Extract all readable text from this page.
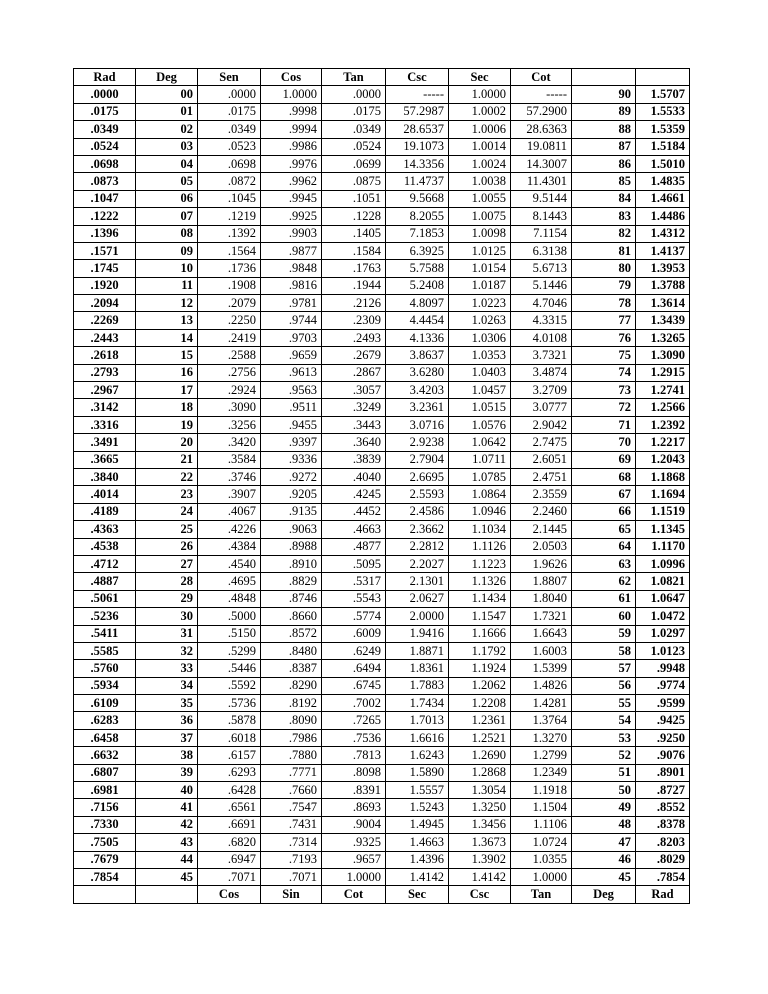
Rad	Deg	Sen	Cos	Tan	Csc	Sec	Cot		
.0000	00	.0000	1.0000	.0000	-----	1.0000	-----	90	1.5707
.0175	01	.0175	.9998	.0175	57.2987	1.0002	57.2900	89	1.5533
.0349	02	.0349	.9994	.0349	28.6537	1.0006	28.6363	88	1.5359
.0524	03	.0523	.9986	.0524	19.1073	1.0014	19.0811	87	1.5184
.0698	04	.0698	.9976	.0699	14.3356	1.0024	14.3007	86	1.5010
.0873	05	.0872	.9962	.0875	11.4737	1.0038	11.4301	85	1.4835
.1047	06	.1045	.9945	.1051	9.5668	1.0055	9.5144	84	1.4661
.1222	07	.1219	.9925	.1228	8.2055	1.0075	8.1443	83	1.4486
.1396	08	.1392	.9903	.1405	7.1853	1.0098	7.1154	82	1.4312
.1571	09	.1564	.9877	.1584	6.3925	1.0125	6.3138	81	1.4137
.1745	10	.1736	.9848	.1763	5.7588	1.0154	5.6713	80	1.3953
.1920	11	.1908	.9816	.1944	5.2408	1.0187	5.1446	79	1.3788
.2094	12	.2079	.9781	.2126	4.8097	1.0223	4.7046	78	1.3614
.2269	13	.2250	.9744	.2309	4.4454	1.0263	4.3315	77	1.3439
.2443	14	.2419	.9703	.2493	4.1336	1.0306	4.0108	76	1.3265
.2618	15	.2588	.9659	.2679	3.8637	1.0353	3.7321	75	1.3090
.2793	16	.2756	.9613	.2867	3.6280	1.0403	3.4874	74	1.2915
.2967	17	.2924	.9563	.3057	3.4203	1.0457	3.2709	73	1.2741
.3142	18	.3090	.9511	.3249	3.2361	1.0515	3.0777	72	1.2566
.3316	19	.3256	.9455	.3443	3.0716	1.0576	2.9042	71	1.2392
.3491	20	.3420	.9397	.3640	2.9238	1.0642	2.7475	70	1.2217
.3665	21	.3584	.9336	.3839	2.7904	1.0711	2.6051	69	1.2043
.3840	22	.3746	.9272	.4040	2.6695	1.0785	2.4751	68	1.1868
.4014	23	.3907	.9205	.4245	2.5593	1.0864	2.3559	67	1.1694
.4189	24	.4067	.9135	.4452	2.4586	1.0946	2.2460	66	1.1519
.4363	25	.4226	.9063	.4663	2.3662	1.1034	2.1445	65	1.1345
.4538	26	.4384	.8988	.4877	2.2812	1.1126	2.0503	64	1.1170
.4712	27	.4540	.8910	.5095	2.2027	1.1223	1.9626	63	1.0996
.4887	28	.4695	.8829	.5317	2.1301	1.1326	1.8807	62	1.0821
.5061	29	.4848	.8746	.5543	2.0627	1.1434	1.8040	61	1.0647
.5236	30	.5000	.8660	.5774	2.0000	1.1547	1.7321	60	1.0472
.5411	31	.5150	.8572	.6009	1.9416	1.1666	1.6643	59	1.0297
.5585	32	.5299	.8480	.6249	1.8871	1.1792	1.6003	58	1.0123
.5760	33	.5446	.8387	.6494	1.8361	1.1924	1.5399	57	.9948
.5934	34	.5592	.8290	.6745	1.7883	1.2062	1.4826	56	.9774
.6109	35	.5736	.8192	.7002	1.7434	1.2208	1.4281	55	.9599
.6283	36	.5878	.8090	.7265	1.7013	1.2361	1.3764	54	.9425
.6458	37	.6018	.7986	.7536	1.6616	1.2521	1.3270	53	.9250
.6632	38	.6157	.7880	.7813	1.6243	1.2690	1.2799	52	.9076
.6807	39	.6293	.7771	.8098	1.5890	1.2868	1.2349	51	.8901
.6981	40	.6428	.7660	.8391	1.5557	1.3054	1.1918	50	.8727
.7156	41	.6561	.7547	.8693	1.5243	1.3250	1.1504	49	.8552
.7330	42	.6691	.7431	.9004	1.4945	1.3456	1.1106	48	.8378
.7505	43	.6820	.7314	.9325	1.4663	1.3673	1.0724	47	.8203
.7679	44	.6947	.7193	.9657	1.4396	1.3902	1.0355	46	.8029
.7854	45	.7071	.7071	1.0000	1.4142	1.4142	1.0000	45	.7854
		Cos	Sin	Cot	Sec	Csc	Tan	Deg	Rad
